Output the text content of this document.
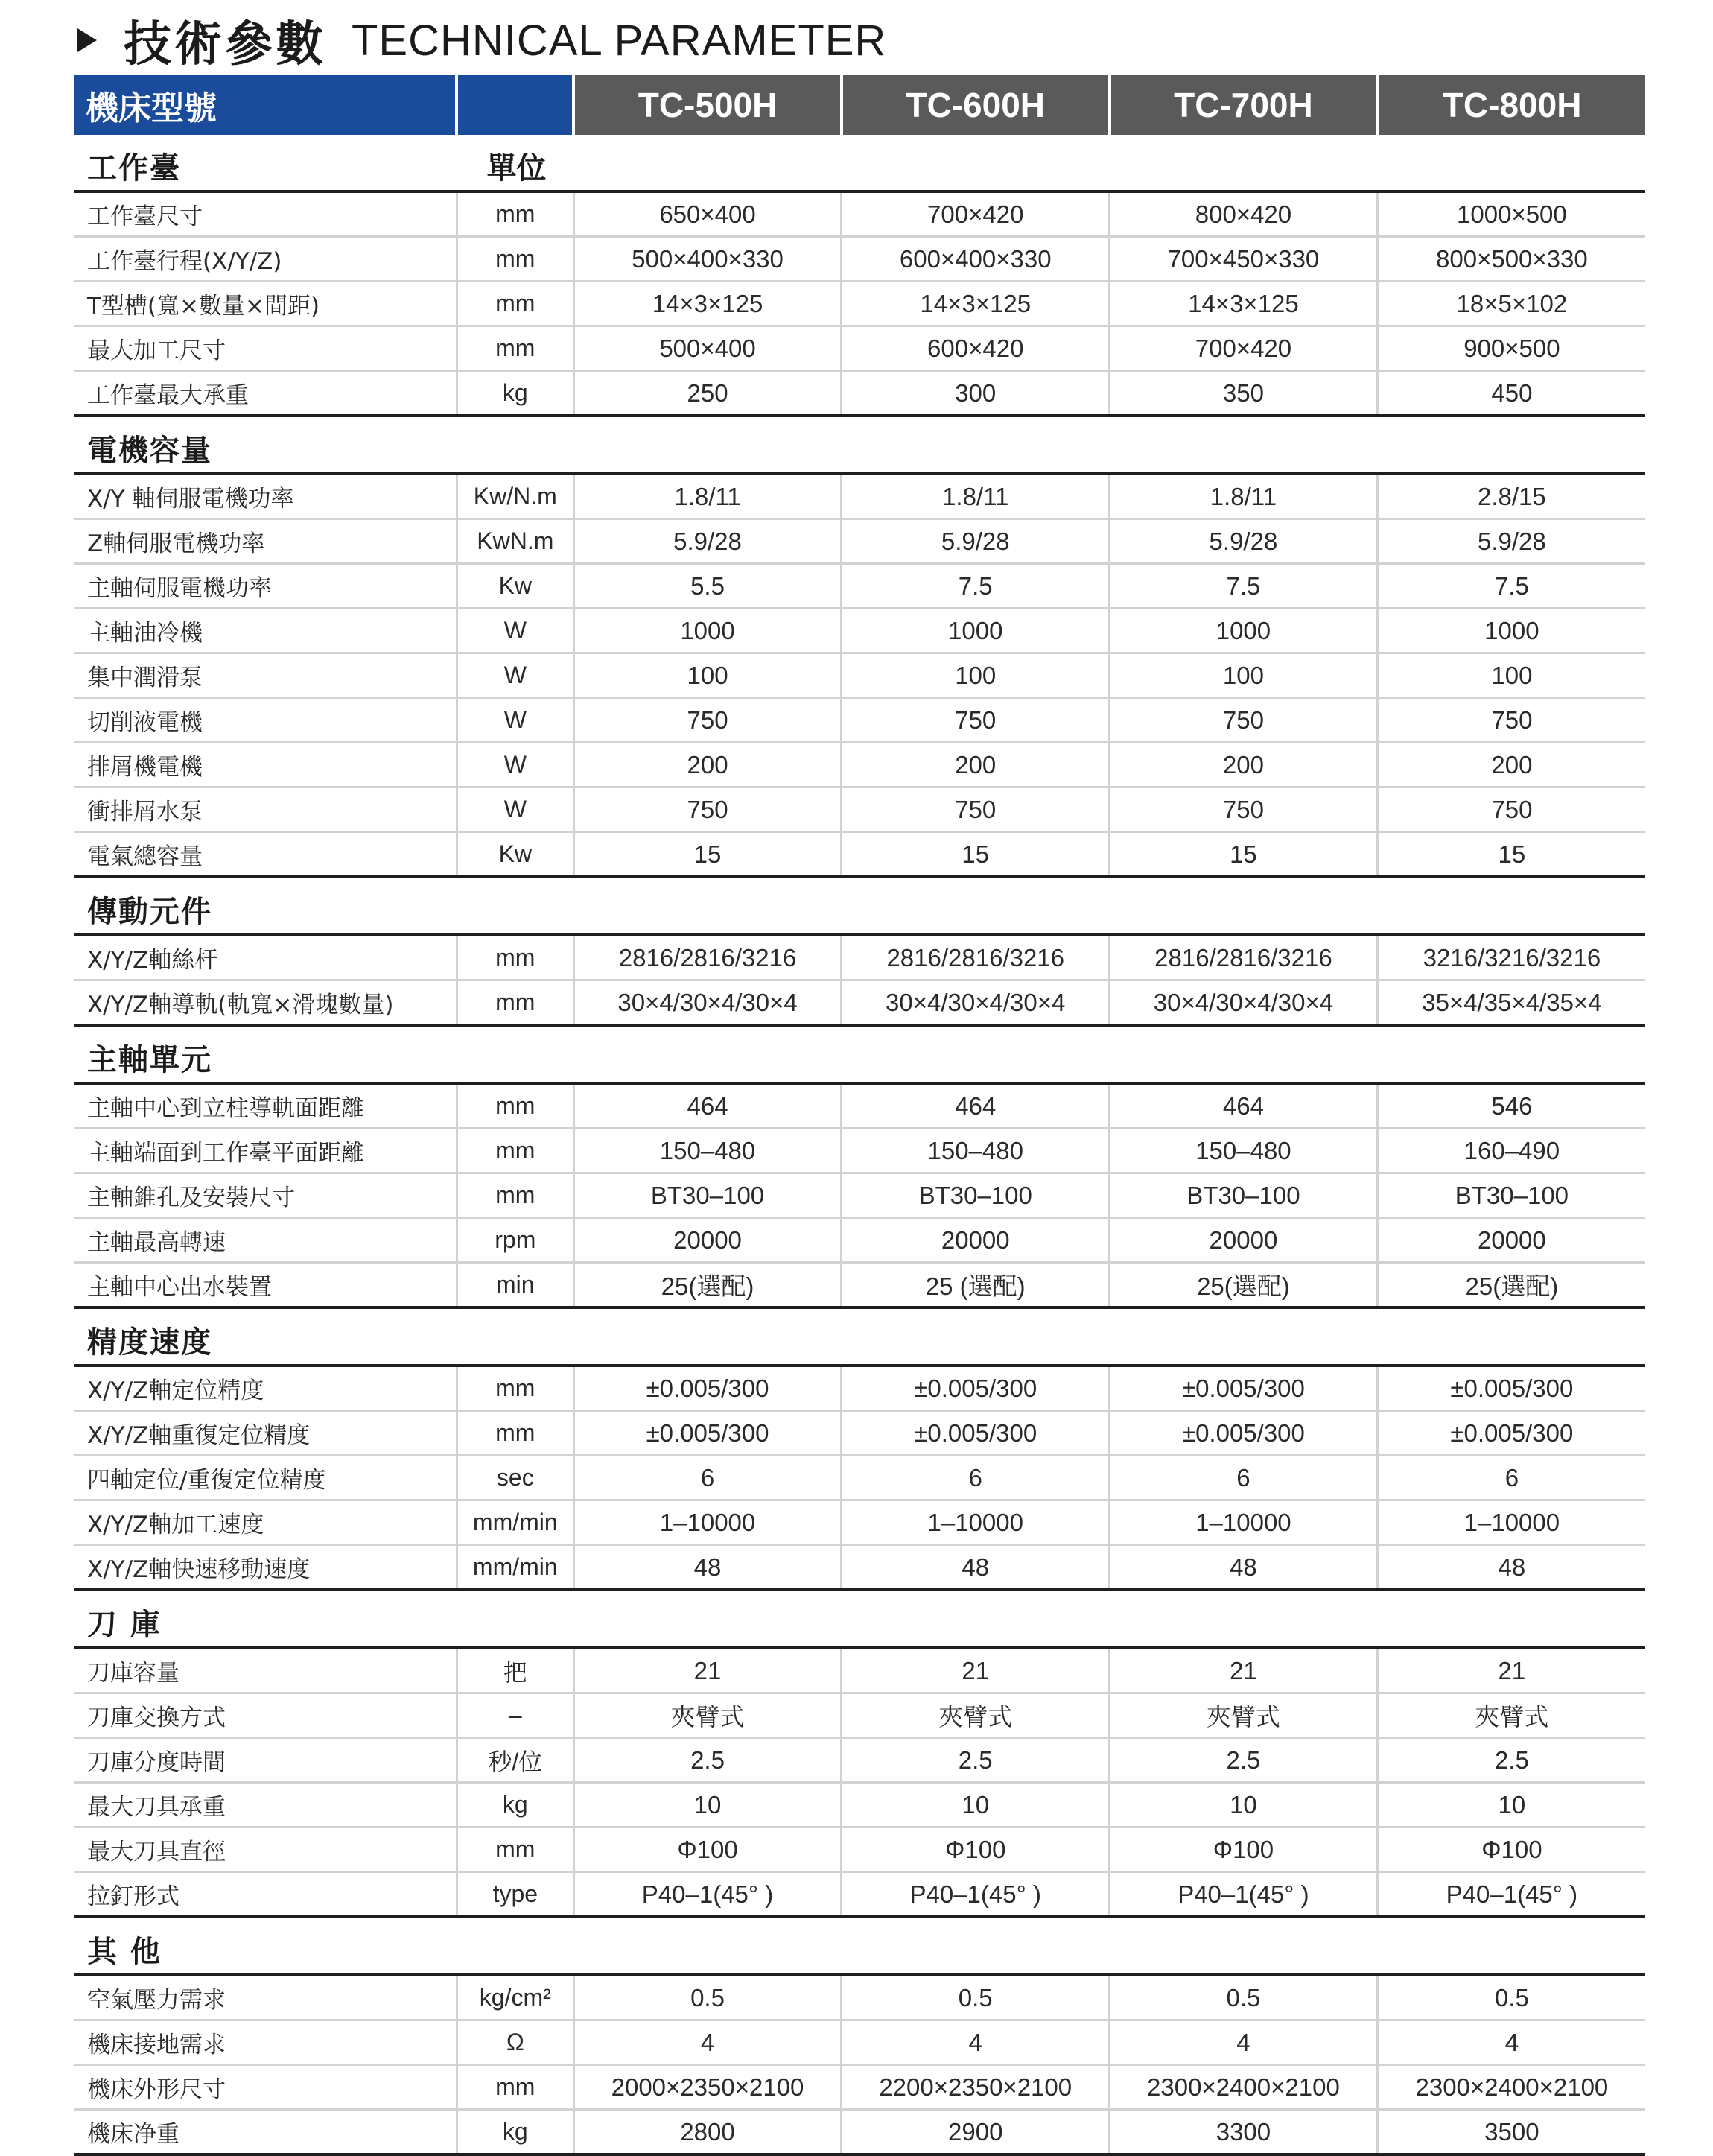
技術參數 TECHNICAL PARAMETER
機床型號		TC-500H	TC-600H	TC-700H	TC-800H

工作臺	單位				

工作臺尺寸	mm	650×400	700×420	800×420	1000×500
工作臺行程(X/Y/Z)	mm	500×400×330	600×400×330	700×450×330	800×500×330
T型槽(寬×數量×間距)	mm	14×3×125	14×3×125	14×3×125	18×5×102
最大加工尺寸	mm	500×400	600×420	700×420	900×500
工作臺最大承重	kg	250	300	350	450

電機容量					

X/Y 軸伺服電機功率	Kw/N.m	1.8/11	1.8/11	1.8/11	2.8/15
Z軸伺服電機功率	KwN.m	5.9/28	5.9/28	5.9/28	5.9/28
主軸伺服電機功率	Kw	5.5	7.5	7.5	7.5
主軸油冷機	W	1000	1000	1000	1000
集中潤滑泵	W	100	100	100	100
切削液電機	W	750	750	750	750
排屑機電機	W	200	200	200	200
衝排屑水泵	W	750	750	750	750
電氣總容量	Kw	15	15	15	15

傳動元件					

X/Y/Z軸絲杆	mm	2816/2816/3216	2816/2816/3216	2816/2816/3216	3216/3216/3216
X/Y/Z軸導軌(軌寬×滑塊數量)	mm	30×4/30×4/30×4	30×4/30×4/30×4	30×4/30×4/30×4	35×4/35×4/35×4

主軸單元					

主軸中心到立柱導軌面距離	mm	464	464	464	546
主軸端面到工作臺平面距離	mm	150–480	150–480	150–480	160–490
主軸錐孔及安裝尺寸	mm	BT30–100	BT30–100	BT30–100	BT30–100
主軸最高轉速	rpm	20000	20000	20000	20000
主軸中心出水裝置	min	25(選配)	25 (選配)	25(選配)	25(選配)

精度速度					

X/Y/Z軸定位精度	mm	±0.005/300	±0.005/300	±0.005/300	±0.005/300
X/Y/Z軸重復定位精度	mm	±0.005/300	±0.005/300	±0.005/300	±0.005/300
四軸定位/重復定位精度	sec	6	6	6	6
X/Y/Z軸加工速度	mm/min	1–10000	1–10000	1–10000	1–10000
X/Y/Z軸快速移動速度	mm/min	48	48	48	48

刀 庫					

刀庫容量	把	21	21	21	21
刀庫交換方式	–	夾臂式	夾臂式	夾臂式	夾臂式
刀庫分度時間	秒/位	2.5	2.5	2.5	2.5
最大刀具承重	kg	10	10	10	10
最大刀具直徑	mm	Φ100	Φ100	Φ100	Φ100
拉釘形式	type	P40–1(45° )	P40–1(45° )	P40–1(45° )	P40–1(45° )

其 他					

空氣壓力需求	kg/cm²	0.5	0.5	0.5	0.5
機床接地需求	Ω	4	4	4	4
機床外形尺寸	mm	2000×2350×2100	2200×2350×2100	2300×2400×2100	2300×2400×2100
機床净重	kg	2800	2900	3300	3500
